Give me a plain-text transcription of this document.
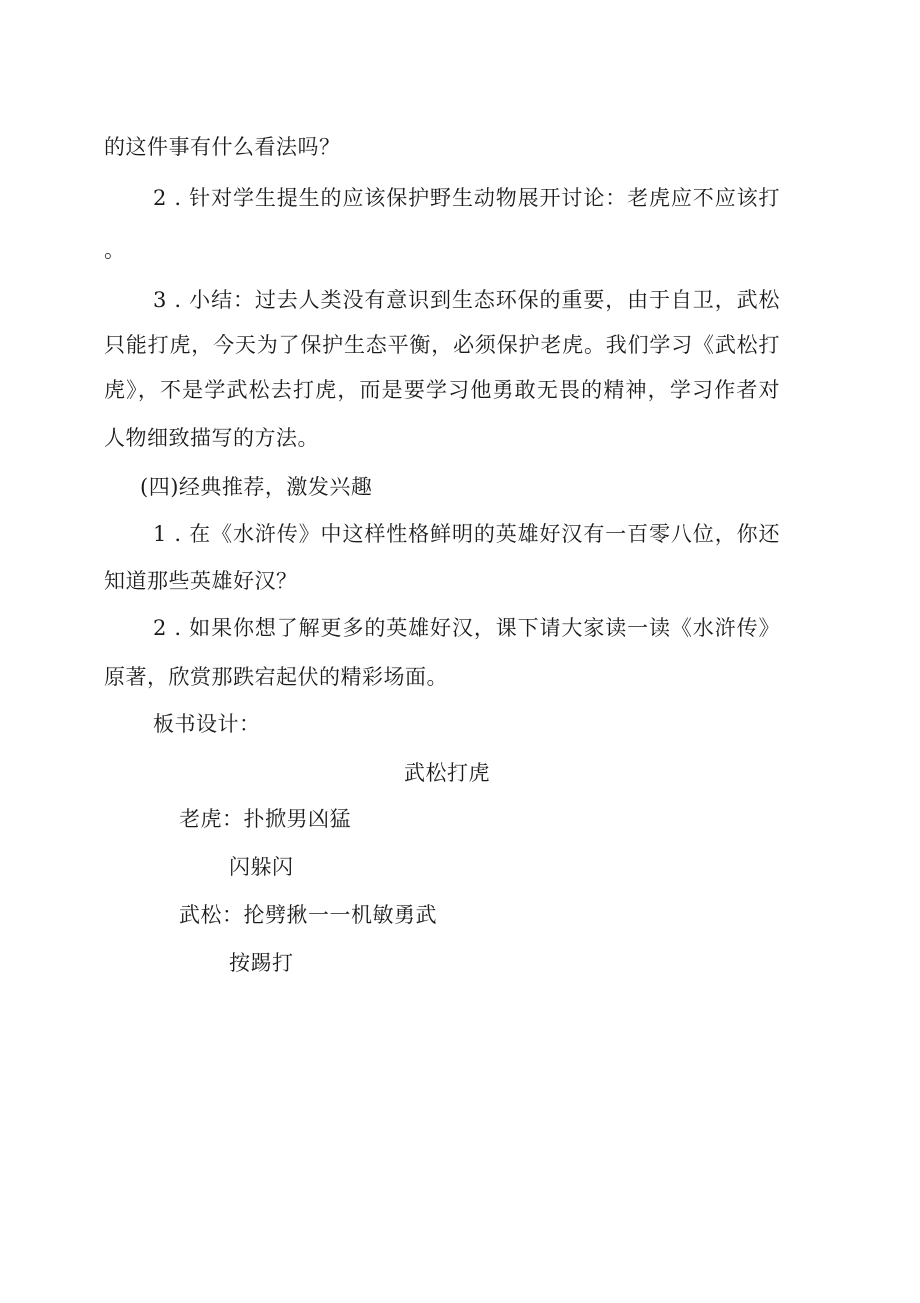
的这件事有什么看法吗？
2 . 针对学生提生的应该保护野生动物展开讨论：老虎应不应该打
。
3 . 小结：过去人类没有意识到生态环保的重要，由于自卫，武松
只能打虎，今天为了保护生态平衡，必须保护老虎。我们学习《武松打
虎》，不是学武松去打虎，而是要学习他勇敢无畏的精神，学习作者对
人物细致描写的方法。
(四)经典推荐，激发兴趣
1 . 在《水浒传》中这样性格鲜明的英雄好汉有一百零八位，你还
知道那些英雄好汉？
2 . 如果你想了解更多的英雄好汉，课下请大家读一读《水浒传》
原著，欣赏那跌宕起伏的精彩场面。
板书设计：
武松打虎
老虎：扑掀男凶猛
闪躲闪
武松：抡劈揪一一机敏勇武
按踢打
